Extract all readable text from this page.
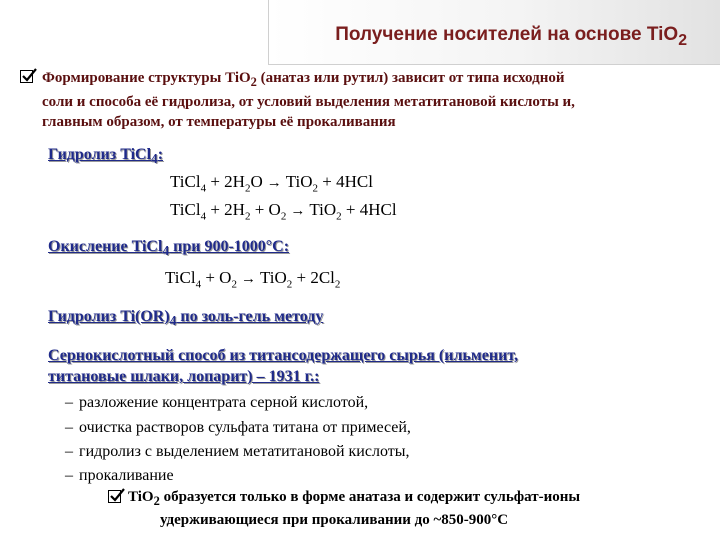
Получение носителей на основе TiO$_2$
Формирование структуры TiO$_2$ (анатаз или рутил) зависит от типа исходной
соли и способа её гидролиза, от условий выделения метатитановой кислоты и,
главным образом, от температуры её прокаливания
Гидролиз TiCl$_4$:
TiCl$_4$ + $2H_2O \to TiO_2 + 4HCl$
TiCl$_4$ + $2H_2 + O_2 \to TiO_2 + 4HCl$
Окисление TiCl$_4$ при 900-1000°С:
TiCl$_4$ + $O_2 \to TiO_2 + 2Cl_2$
Гидролиз $Ti(OR)_4$ по золь-гель методу
Сернокислотный способ из титансодержащего сырья (ильменит,
титановые шлаки, лопарит) – 1931 г.:
– разложение концентрата серной кислотой,
– очистка растворов сульфата титана от примесей,
– гидролиз с выделением метатитановой кислоты,
– прокаливание
TiO$_2$ образуется только в форме анатаза и содержит сульфат-ионы
удерживающиеся при прокаливании до ~850-900°С
